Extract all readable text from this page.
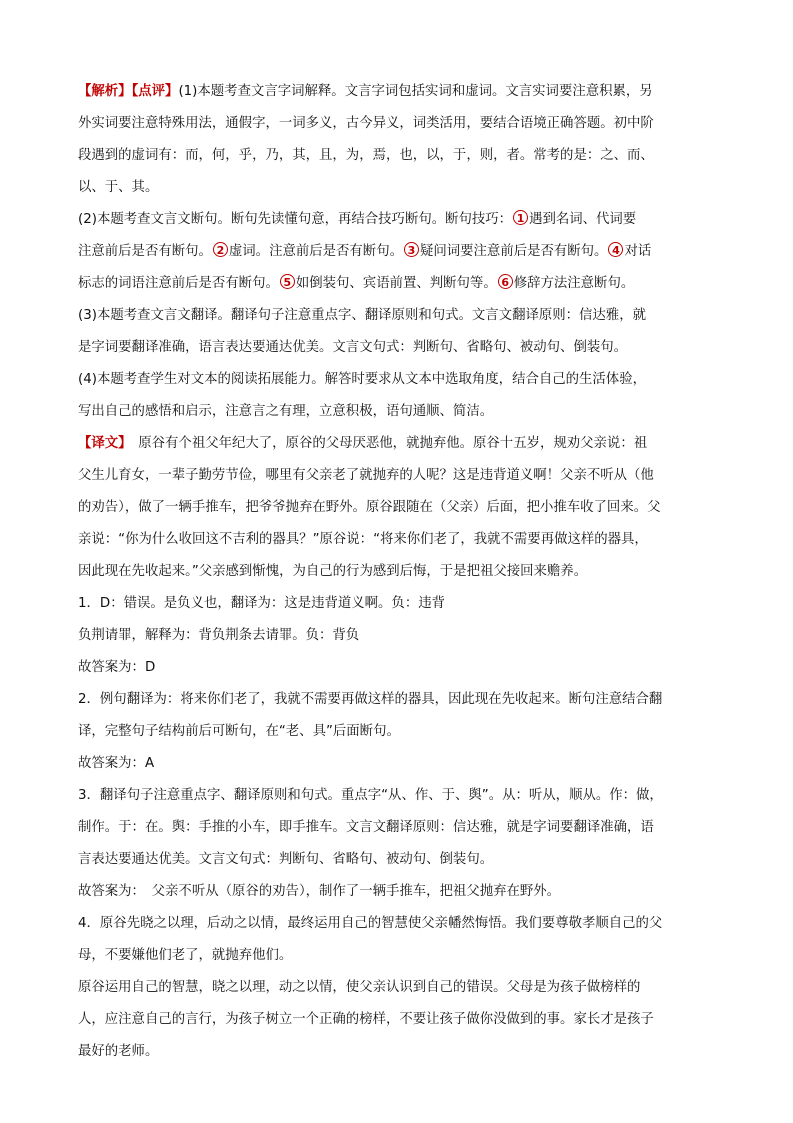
【解析】【点评】(1)本题考查文言字词解释。文言字词包括实词和虚词。文言实词要注意积累，另
外实词要注意特殊用法，通假字，一词多义，古今异义，词类活用，要结合语境正确答题。初中阶
段遇到的虚词有：而，何，乎，乃，其，且，为，焉，也，以，于，则，者。常考的是：之、而、
以、于、其。
(2)本题考查文言文断句。断句先读懂句意，再结合技巧断句。断句技巧： 1 遇到名词、代词要
注意前后是否有断句。 2 虚词。注意前后是否有断句。 3 疑问词要注意前后是否有断句。 4 对话
标志的词语注意前后是否有断句。 5 如倒装句、宾语前置、判断句等。 6 修辞方法注意断句。
(3)本题考查文言文翻译。翻译句子注意重点字、翻译原则和句式。文言文翻译原则：信达雅，就
是字词要翻译准确，语言表达要通达优美。文言文句式：判断句、省略句、被动句、倒装句。
(4)本题考查学生对文本的阅读拓展能力。解答时要求从文本中选取角度，结合自己的生活体验，
写出自己的感悟和启示，注意言之有理，立意积极，语句通顺、简洁。
【译文】　原谷有个祖父年纪大了，原谷的父母厌恶他，就抛弃他。原谷十五岁，规劝父亲说：祖
父生儿育女，一辈子勤劳节俭，哪里有父亲老了就抛弃的人呢？这是违背道义啊！父亲不听从（他
的劝告），做了一辆手推车，把爷爷抛弃在野外。原谷跟随在（父亲）后面，把小推车收了回来。父
亲说：“你为什么收回这不吉利的器具？”原谷说：“将来你们老了，我就不需要再做这样的器具，
因此现在先收起来。”父亲感到惭愧，为自己的行为感到后悔，于是把祖父接回来赡养。
1．D：错误。是负义也，翻译为：这是违背道义啊。负：违背
负荆请罪，解释为：背负荆条去请罪。负：背负
故答案为：D
2．例句翻译为：将来你们老了，我就不需要再做这样的器具，因此现在先收起来。断句注意结合翻
译，完整句子结构前后可断句，在“老、具”后面断句。
故答案为：A
3．翻译句子注意重点字、翻译原则和句式。重点字“从、作、于、舆”。从：听从，顺从。作：做，
制作。于：在。舆：手推的小车，即手推车。文言文翻译原则：信达雅，就是字词要翻译准确，语
言表达要通达优美。文言文句式：判断句、省略句、被动句、倒装句。
故答案为：　父亲不听从（原谷的劝告），制作了一辆手推车，把祖父抛弃在野外。
4．原谷先晓之以理，后动之以情，最终运用自己的智慧使父亲幡然悔悟。我们要尊敬孝顺自己的父
母，不要嫌他们老了，就抛弃他们。
原谷运用自己的智慧，晓之以理，动之以情，使父亲认识到自己的错误。父母是为孩子做榜样的
人，应注意自己的言行，为孩子树立一个正确的榜样，不要让孩子做你没做到的事。家长才是孩子
最好的老师。
